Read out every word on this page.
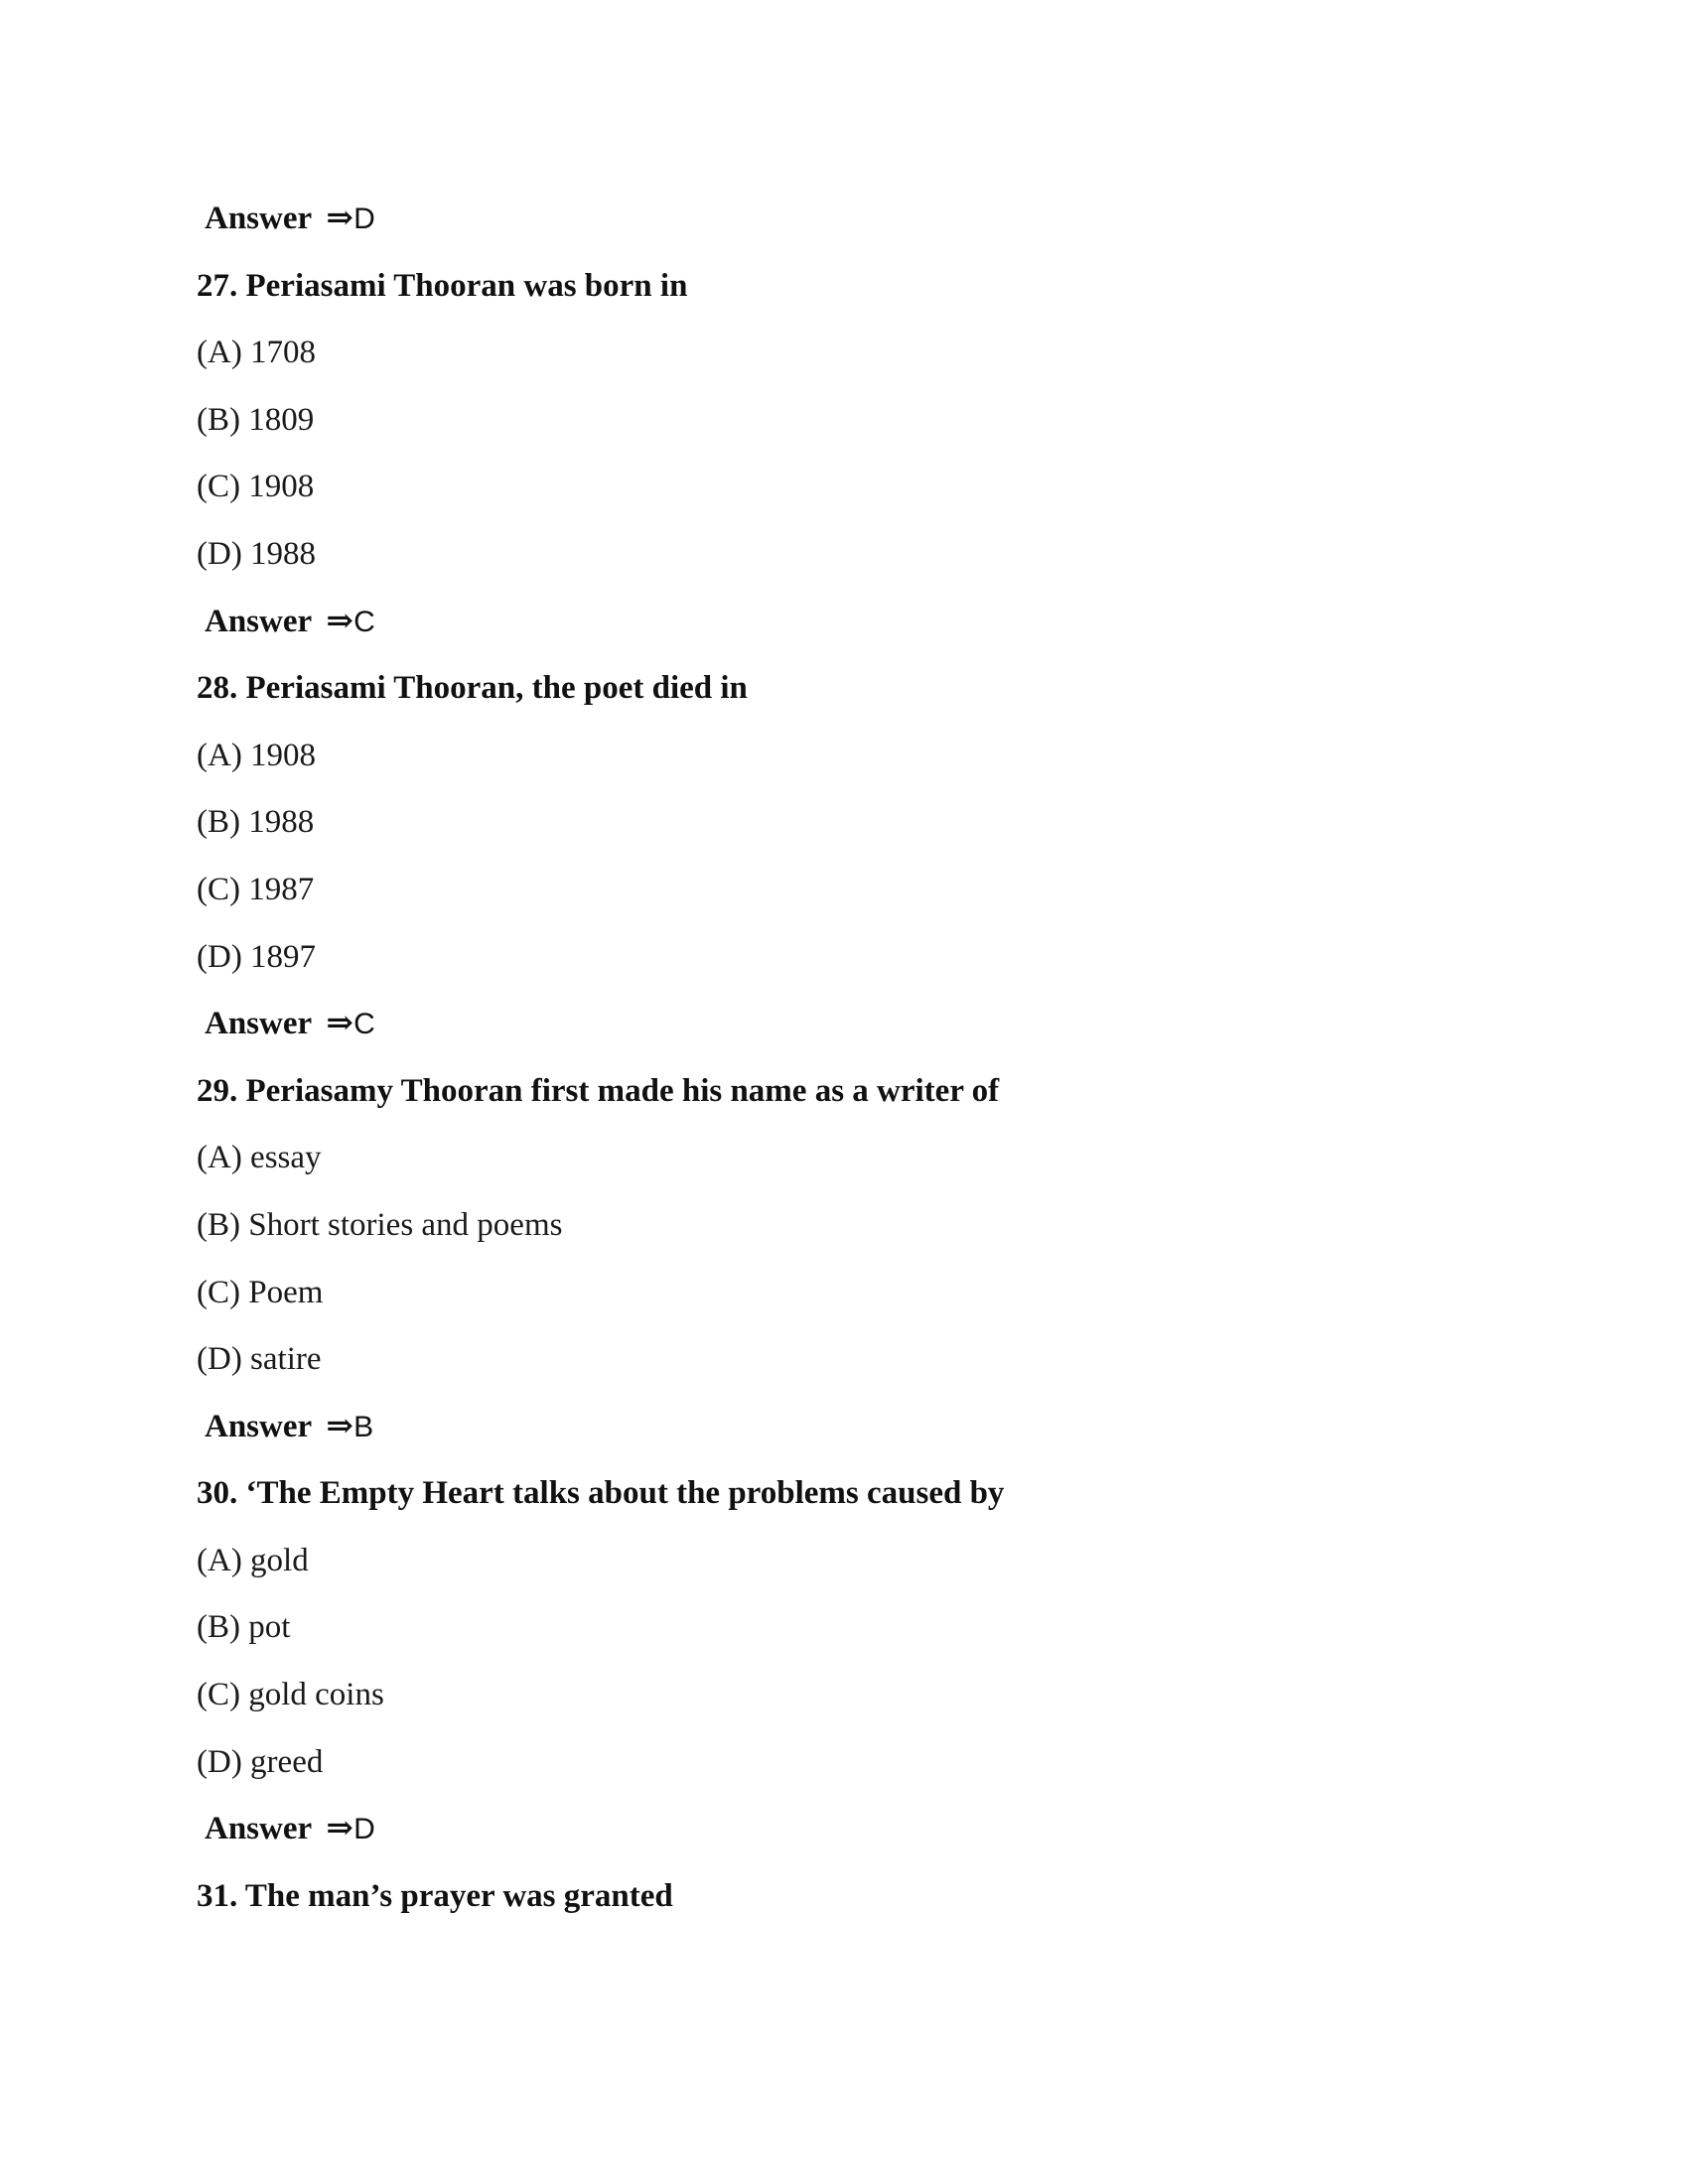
Answer ⇒D
27. Periasami Thooran was born in
(A) 1708
(B) 1809
(C) 1908
(D) 1988
Answer ⇒C
28. Periasami Thooran, the poet died in
(A) 1908
(B) 1988
(C) 1987
(D) 1897
Answer ⇒C
29. Periasamy Thooran first made his name as a writer of
(A) essay
(B) Short stories and poems
(C) Poem
(D) satire
Answer ⇒B
30. ‘The Empty Heart talks about the problems caused by
(A) gold
(B) pot
(C) gold coins
(D) greed
Answer ⇒D
31. The man’s prayer was granted
